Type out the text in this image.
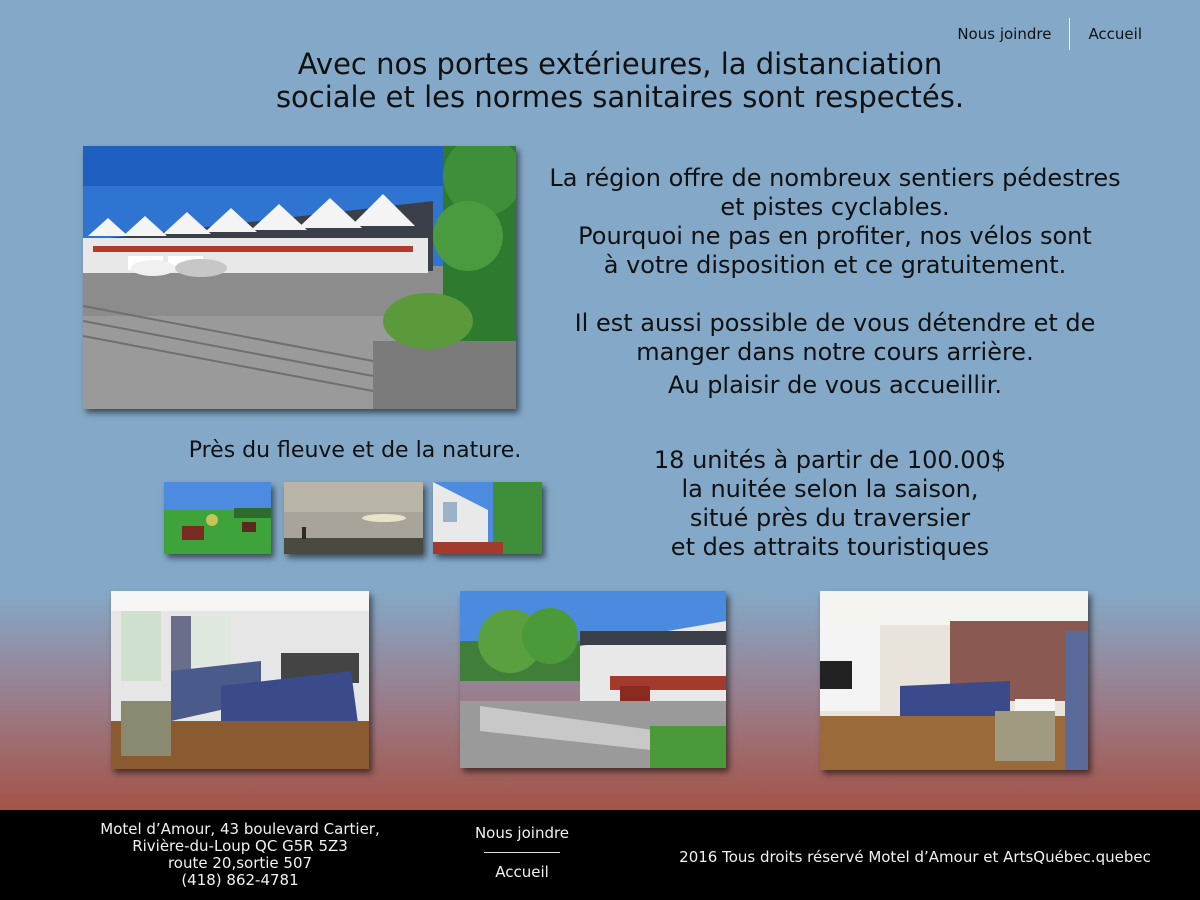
Nous joindre	Accueil
Avec nos portes extérieures, la distanciation
sociale et les normes sanitaires sont respectés.
La région offre de nombreux sentiers pédestres
et pistes cyclables.
Pourquoi ne pas en profiter, nos vélos sont
à votre disposition et ce gratuitement.
Il est aussi possible de vous détendre et de
manger dans notre cours arrière.
Au plaisir de vous accueillir.
Près du fleuve et de la nature.	18 unités à partir de 100.00$
la nuitée selon la saison,
situé près du traversier
et des attraits touristiques
Motel d’Amour, 43 boulevard Cartier,
Rivière-du-Loup QC G5R 5Z3
route 20,sortie 507
(418) 862-4781
Nous joindre
Accueil
2016 Tous droits réservé Motel d’Amour et ArtsQuébec.quebec
